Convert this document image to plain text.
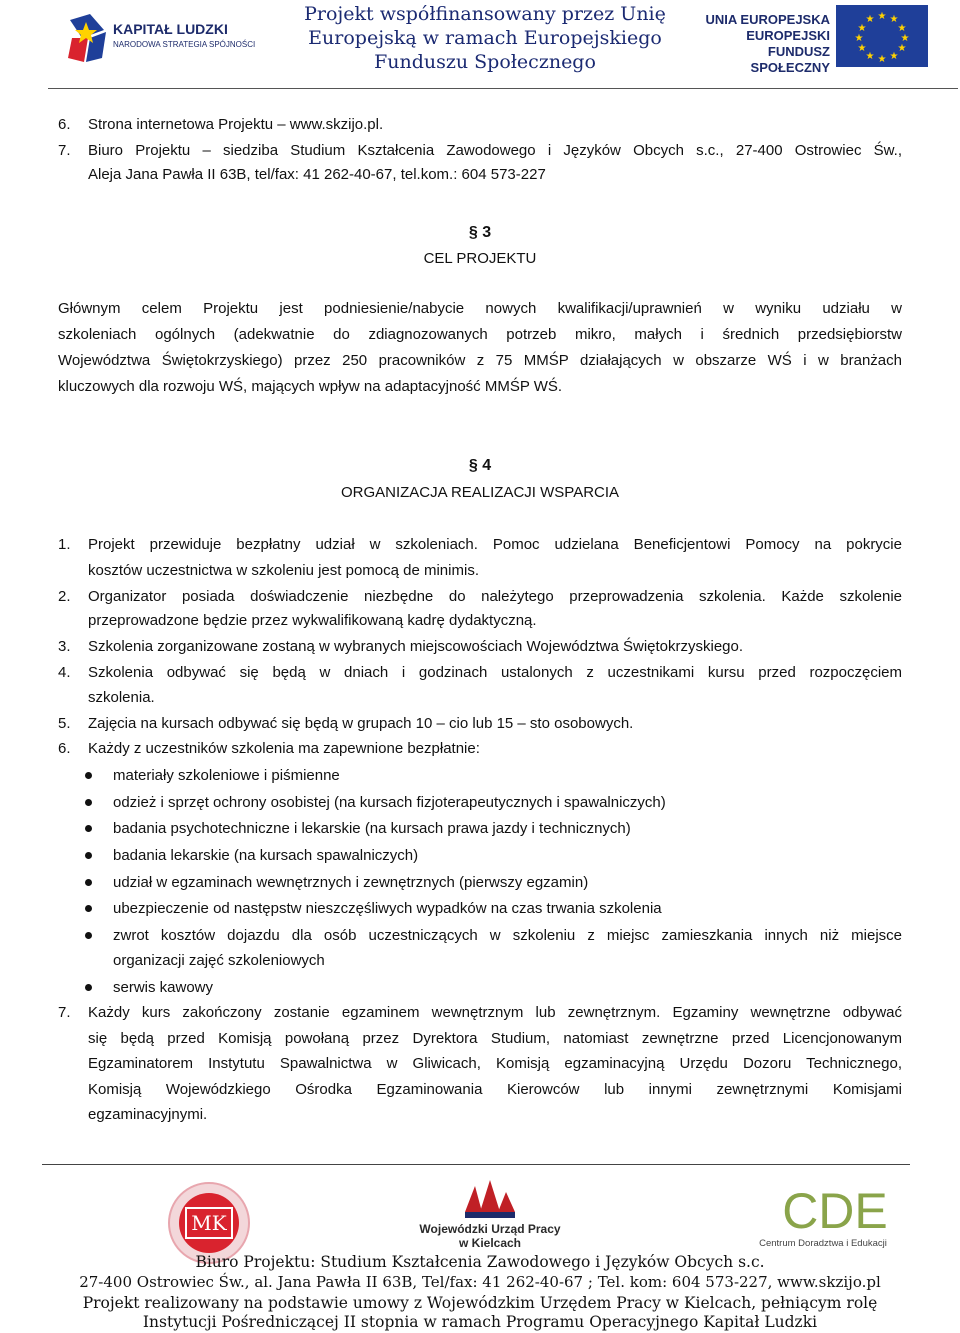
KAPITAŁ LUDZKI
NARODOWA STRATEGIA SPÓJNOŚCI
Projekt współfinansowany przez Unię
Europejską w ramach Europejskiego
Funduszu Społecznego
UNIA EUROPEJSKA
EUROPEJSKI
FUNDUSZ SPOŁECZNY
★ ★
★
★
★
★
★
★
★
★
★
★
6. Strona internetowa Projektu – www.skzijo.pl.
7. Biuro Projektu – siedziba Studium Kształcenia Zawodowego i Języków Obcych s.c., 27-400 Ostrowiec Św.,
Aleja Jana Pawła II 63B, tel/fax: 41 262-40-67, tel.kom.: 604 573-227
§ 3
CEL PROJEKTU
Głównym celem Projektu jest podniesienie/nabycie nowych kwalifikacji/uprawnień w wyniku udziału w
szkoleniach ogólnych (adekwatnie do zdiagnozowanych potrzeb mikro, małych i średnich przedsiębiorstw
Województwa Świętokrzyskiego) przez 250 pracowników z 75 MMŚP działających w obszarze WŚ i w branżach
kluczowych dla rozwoju WŚ, mających wpływ na adaptacyjność MMŚP WŚ.
§ 4
ORGANIZACJA REALIZACJI WSPARCIA
1. Projekt przewiduje bezpłatny udział w szkoleniach. Pomoc udzielana Beneficjentowi Pomocy na pokrycie
kosztów uczestnictwa w szkoleniu jest pomocą de minimis.
2. Organizator posiada doświadczenie niezbędne do należytego przeprowadzenia szkolenia. Każde szkolenie
przeprowadzone będzie przez wykwalifikowaną kadrę dydaktyczną.
3. Szkolenia zorganizowane zostaną w wybranych miejscowościach Województwa Świętokrzyskiego.
4. Szkolenia odbywać się będą w dniach i godzinach ustalonych z uczestnikami kursu przed rozpoczęciem
szkolenia.
5. Zajęcia na kursach odbywać się będą w grupach 10 – cio lub 15 – sto osobowych.
6. Każdy z uczestników szkolenia ma zapewnione bezpłatnie:
materiały szkoleniowe i piśmienne
odzież i sprzęt ochrony osobistej (na kursach fizjoterapeutycznych i spawalniczych)
badania psychotechniczne i lekarskie (na kursach prawa jazdy i technicznych)
badania lekarskie (na kursach spawalniczych)
udział w egzaminach wewnętrznych i zewnętrznych (pierwszy egzamin)
ubezpieczenie od następstw nieszczęśliwych wypadków na czas trwania szkolenia
zwrot kosztów dojazdu dla osób uczestniczących w szkoleniu z miejsc zamieszkania innych niż miejsce
organizacji zajęć szkoleniowych
serwis kawowy
7. Każdy kurs zakończony zostanie egzaminem wewnętrznym lub zewnętrznym. Egzaminy wewnętrzne odbywać
się będą przed Komisją powołaną przez Dyrektora Studium, natomiast zewnętrzne przed Licencjonowanym
Egzaminatorem Instytutu Spawalnictwa w Gliwicach, Komisją egzaminacyjną Urzędu Dozoru Technicznego,
Komisją Wojewódzkiego Ośrodka Egzaminowania Kierowców lub innymi zewnętrznymi Komisjami
egzaminacyjnymi.
MK	Wojewódzki Urząd Pracy
w Kielcach
CDE
Centrum Doradztwa i Edukacji
Biuro Projektu: Studium Kształcenia Zawodowego i Języków Obcych s.c.
27-400 Ostrowiec Św., al. Jana Pawła II 63B, Tel/fax: 41 262-40-67 ; Tel. kom: 604 573-227, www.skzijo.pl
Projekt realizowany na podstawie umowy z Wojewódzkim Urzędem Pracy w Kielcach, pełniącym rolę
Instytucji Pośredniczącej II stopnia w ramach Programu Operacyjnego Kapitał Ludzki
